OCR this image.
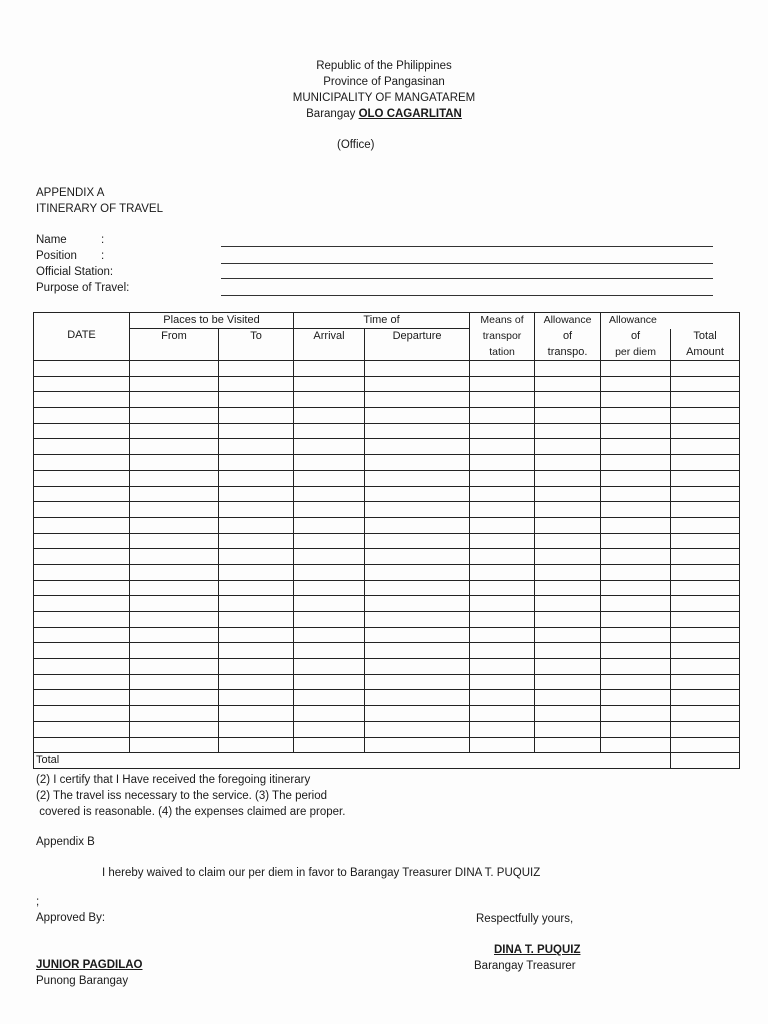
Republic of the Philippines
Province of Pangasinan
MUNICIPALITY OF MANGATAREM
Barangay OLO CAGARLITAN
(Office)
APPENDIX A
ITINERARY OF TRAVEL
Name	:
Position :
Official Station:
Purpose of Travel:
DATE	Places to be Visited		Time of		Means of	Allowance	Allowance	
	From	To	Arrival	Departure	transpor	of	of	Total
					tation	transpo.	per diem	Amount

Total								
(2) I certify that I Have received the foregoing itinerary
(2) The travel iss necessary to the service. (3) The period
covered is reasonable. (4) the expenses claimed are proper.
Appendix B
I hereby waived to claim our per diem in favor to Barangay Treasurer DINA T. PUQUIZ
;
Approved By:
JUNIOR PAGDILAO
Punong Barangay
Respectfully yours,
DINA T. PUQUIZ
Barangay Treasurer
